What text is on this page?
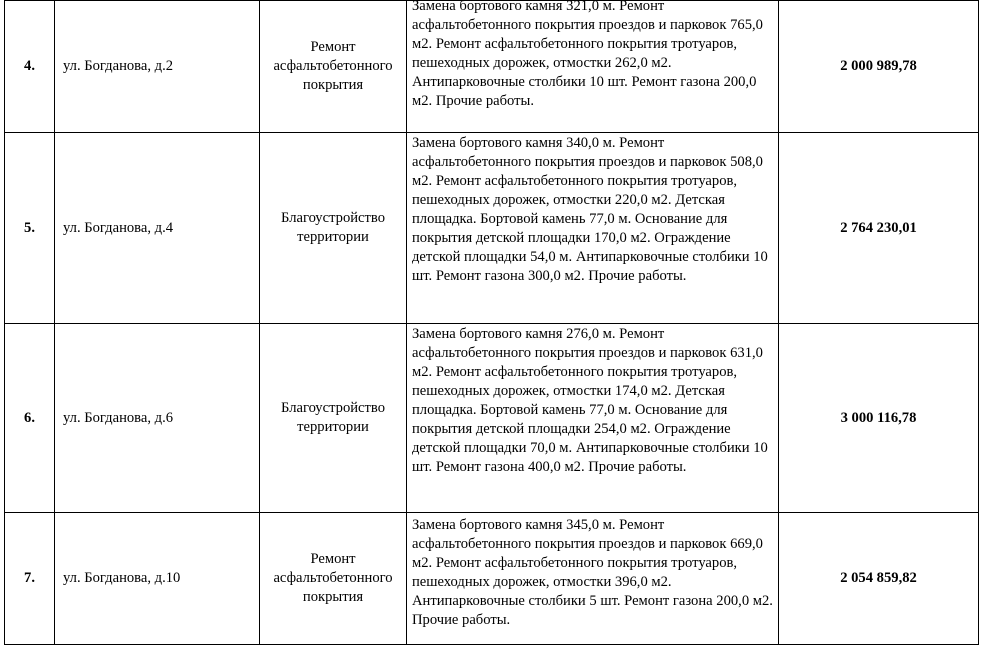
4.	ул. Богданова, д.2	Ремонт асфальтобетонного покрытия	Замена бортового камня 321,0 м. Ремонт асфальтобетонного покрытия проездов и парковок 765,0 м2. Ремонт асфальтобетонного покрытия тротуаров, пешеходных дорожек, отмостки 262,0 м2. Антипарковочные столбики 10 шт. Ремонт газона 200,0 м2. Прочие работы.	2 000 989,78
5.	ул. Богданова, д.4	Благоустройство территории	Замена бортового камня 340,0 м. Ремонт асфальтобетонного покрытия проездов и парковок 508,0 м2. Ремонт асфальтобетонного покрытия тротуаров, пешеходных дорожек, отмостки 220,0 м2. Детская площадка. Бортовой камень 77,0 м. Основание для покрытия детской площадки 170,0 м2. Ограждение детской площадки 54,0 м. Антипарковочные столбики 10 шт. Ремонт газона 300,0 м2. Прочие работы.	2 764 230,01
6.	ул. Богданова, д.6	Благоустройство территории	Замена бортового камня 276,0 м. Ремонт асфальтобетонного покрытия проездов и парковок 631,0 м2. Ремонт асфальтобетонного покрытия тротуаров, пешеходных дорожек, отмостки 174,0 м2. Детская площадка. Бортовой камень 77,0 м. Основание для покрытия детской площадки 254,0 м2. Ограждение детской площадки 70,0 м. Антипарковочные столбики 10 шт. Ремонт газона 400,0 м2. Прочие работы.	3 000 116,78
7.	ул. Богданова, д.10	Ремонт асфальтобетонного покрытия	Замена бортового камня 345,0 м. Ремонт асфальтобетонного покрытия проездов и парковок 669,0 м2. Ремонт асфальтобетонного покрытия тротуаров, пешеходных дорожек, отмостки 396,0 м2. Антипарковочные столбики 5 шт. Ремонт газона 200,0 м2. Прочие работы.	2 054 859,82
